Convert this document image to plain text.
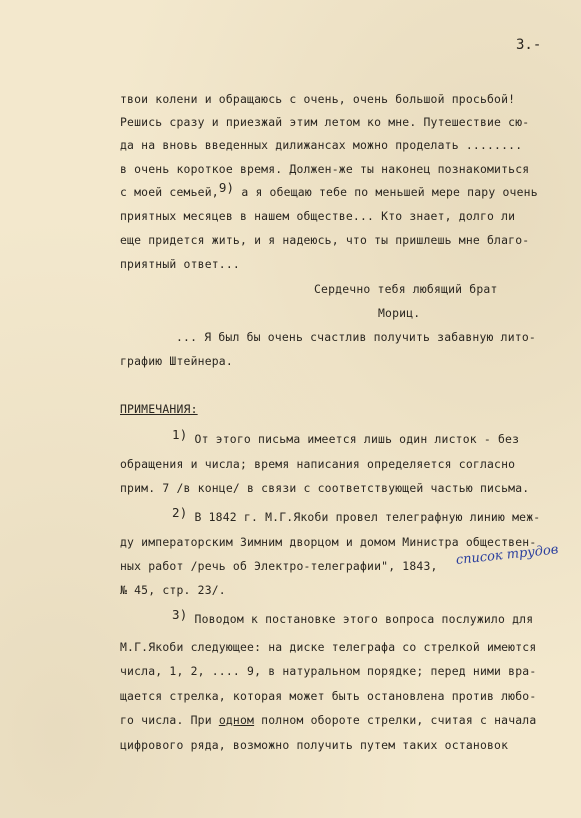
3.-
твои колени и обращаюсь с очень, очень большой просьбой!
Решись сразу и приезжай этим летом ко мне. Путешествие сю-
да на вновь введенных дилижансах можно проделать ........
в очень короткое время. Должен-же ты наконец познакомиться
с моей семьей,9) а я обещаю тебе по меньшей мере пару очень
приятных месяцев в нашем обществе... Кто знает, долго ли
еще придется жить, и я надеюсь, что ты пришлешь мне благо-
приятный ответ...
Сердечно тебя любящий брат
Мориц.
... Я был бы очень счастлив получить забавную лито-
графию Штейнера.
ПРИМЕЧАНИЯ:
1) От этого письма имеется лишь один листок - без
обращения и числа; время написания определяется согласно
прим. 7 /в конце/ в связи с соответствующей частью письма.
2) В 1842 г. М.Г.Якоби провел телеграфную линию меж-
ду императорским Зимним дворцом и домом Министра обществен-
ных работ /речь об Электро-телеграфии", 1843,
№ 45, стр. 23/.
список трудов
3) Поводом к постановке этого вопроса послужило для
М.Г.Якоби следующее: на диске телеграфа со стрелкой имеются
числа, 1, 2, .... 9, в натуральном порядке; перед ними вра-
щается стрелка, которая может быть остановлена против любо-
го числа. При одном полном обороте стрелки, считая с начала
цифрового ряда, возможно получить путем таких остановок
